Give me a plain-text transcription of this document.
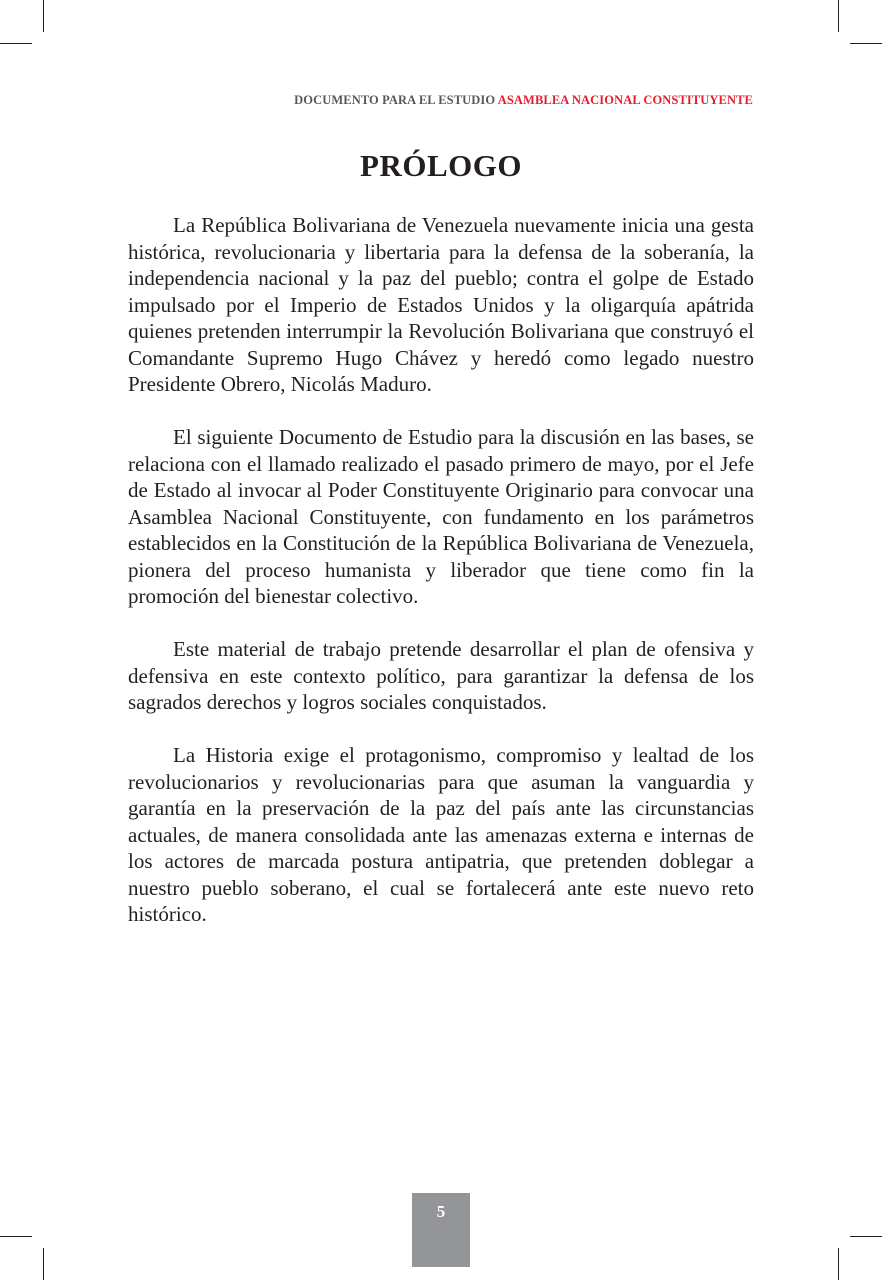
DOCUMENTO PARA EL ESTUDIO ASAMBLEA NACIONAL CONSTITUYENTE
PRÓLOGO

La República Bolivariana de Venezuela nuevamente inicia una gesta histórica, revolucionaria y libertaria para la defensa de la soberanía, la independencia nacional y la paz del pueblo; contra el golpe de Estado impulsado por el Imperio de Estados Unidos y la oligarquía apátrida quienes pretenden interrumpir la Revolución Bolivariana que construyó el Comandante Supremo Hugo Chávez y heredó como legado nuestro Presidente Obrero, Nicolás Maduro.

El siguiente Documento de Estudio para la discusión en las bases, se relaciona con el llamado realizado el pasado primero de mayo, por el Jefe de Estado al invocar al Poder Constituyente Originario para convocar una Asamblea Nacional Constituyente, con fundamento en los parámetros establecidos en la Constitución de la República Bolivariana de Venezuela, pionera del proceso humanista y liberador que tiene como fin la promoción del bienestar colectivo.

Este material de trabajo pretende desarrollar el plan de ofensiva y defensiva en este contexto político, para garantizar la defensa de los sagrados derechos y logros sociales conquistados.

La Historia exige el protagonismo, compromiso y lealtad de los revolucionarios y revolucionarias para que asuman la vanguardia y garantía en la preservación de la paz del país ante las circunstancias actuales, de manera consolidada ante las amenazas externa e internas de los actores de marcada postura antipatria, que pretenden doblegar a nuestro pueblo soberano, el cual se fortalecerá ante este nuevo reto histórico.

5
